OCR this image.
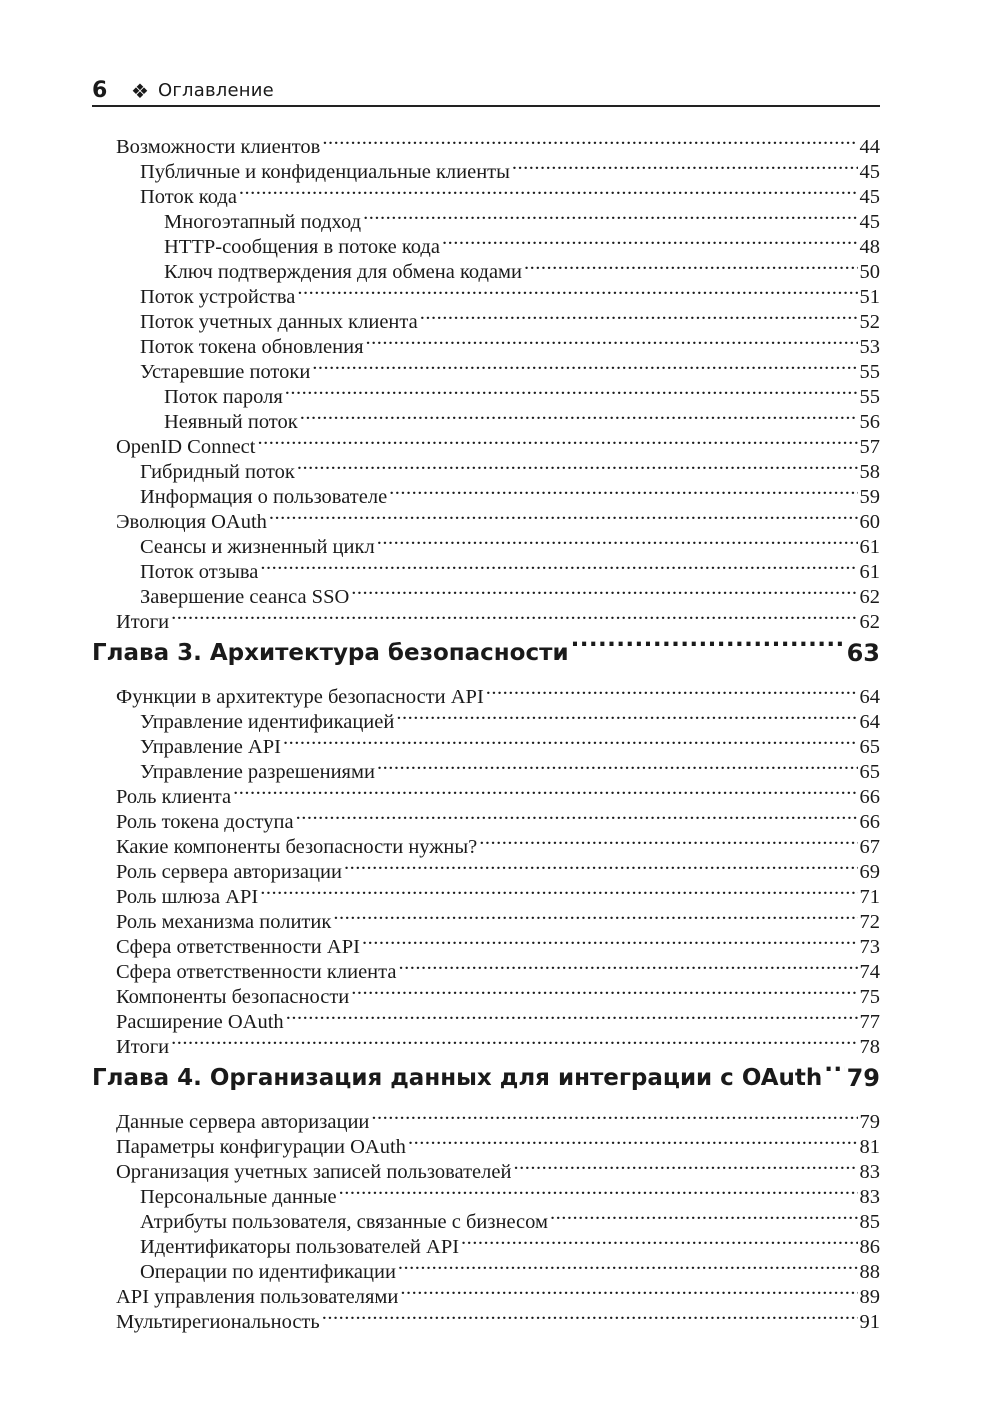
6	❖ Оглавление
Возможности клиентов .....	44
Публичные и конфиденциальные клиенты .....	45
Поток кода .....	45
Многоэтапный подход .....	45
HTTP-сообщения в потоке кода .....	48
Ключ подтверждения для обмена кодами .....	50
Поток устройства .....	51
Поток учетных данных клиента .....	52
Поток токена обновления .....	53
Устаревшие потоки .....	55
Поток пароля .....	55
Неявный поток .....	56
OpenID Connect .....	57
Гибридный поток .....	58
Информация о пользователе .....	59
Эволюция OAuth .....	60
Сеансы и жизненный цикл .....	61
Поток отзыва .....	61
Завершение сеанса SSO .....	62
Итоги .....	62
Глава 3. Архитектура безопасности .....	63
Функции в архитектуре безопасности API .....	64
Управление идентификацией .....	64
Управление API .....	65
Управление разрешениями .....	65
Роль клиента .....	66
Роль токена доступа .....	66
Какие компоненты безопасности нужны? .....	67
Роль сервера авторизации .....	69
Роль шлюза API .....	71
Роль механизма политик .....	72
Сфера ответственности API .....	73
Сфера ответственности клиента .....	74
Компоненты безопасности .....	75
Расширение OAuth .....	77
Итоги .....	78
Глава 4. Организация данных для интеграции с OAuth ..... 79
Данные сервера авторизации .....	79
Параметры конфигурации OAuth .....	81
Организация учетных записей пользователей .....	83
Персональные данные .....	83
Атрибуты пользователя, связанные с бизнесом .....	85
Идентификаторы пользователей API .....	86
Операции по идентификации .....	88
API управления пользователями .....	89
Мультирегиональность .....	91
